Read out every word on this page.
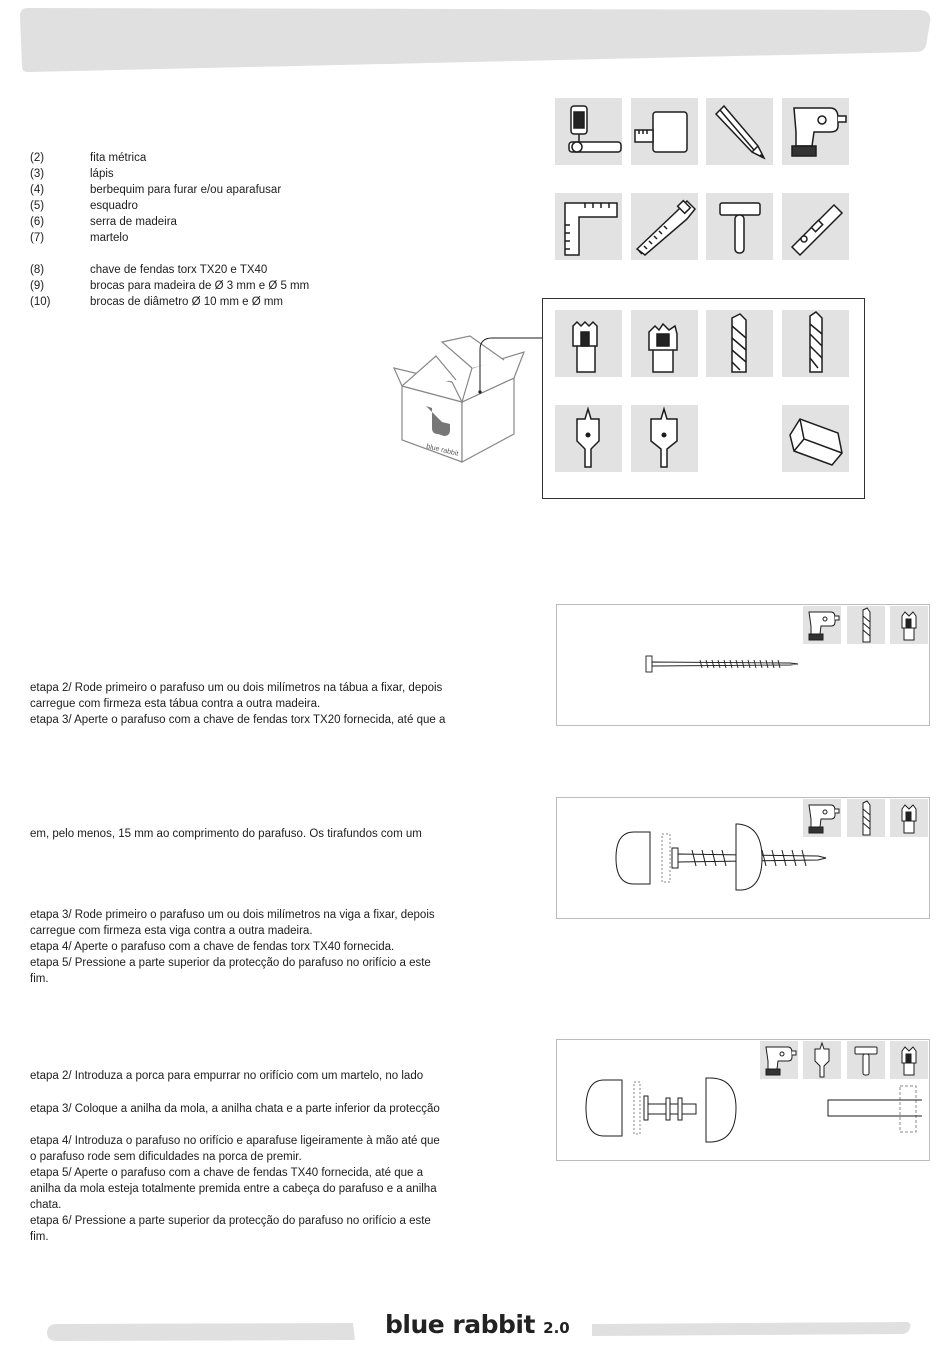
(2)	fita métrica
(3)	lápis
(4)	berbequim para furar e/ou aparafusar
(5)	esquadro
(6)	serra de madeira
(7)	martelo
(8)	chave de fendas torx TX20 e TX40
(9)	brocas para madeira de Ø 3 mm e Ø 5 mm
(10)	brocas de diâmetro Ø 10 mm e Ø mm
blue rabbit

etapa 2/ Rode primeiro o parafuso um ou dois milímetros na tábua a fixar, depois

carregue com firmeza esta tábua contra a outra madeira.

etapa 3/ Aperte o parafuso com a chave de fendas torx TX20 fornecida, até que a

em, pelo menos, 15 mm ao comprimento do parafuso. Os tirafundos com um

etapa 3/ Rode primeiro o parafuso um ou dois milímetros na viga a fixar, depois

carregue com firmeza esta viga contra a outra madeira.

etapa 4/ Aperte o parafuso com a chave de fendas torx TX40 fornecida.

etapa 5/ Pressione a parte superior da protecção do parafuso no orifício a este

fim.

etapa 2/ Introduza a porca para empurrar no orifício com um martelo, no lado

etapa 3/ Coloque a anilha da mola, a anilha chata e a parte inferior da protecção

etapa 4/ Introduza o parafuso no orifício e aparafuse ligeiramente à mão até que

o parafuso rode sem dificuldades na porca de premir.

etapa 5/ Aperte o parafuso com a chave de fendas TX40 fornecida, até que a

anilha da mola esteja totalmente premida entre a cabeça do parafuso e a anilha

chata.

etapa 6/ Pressione a parte superior da protecção do parafuso no orifício a este

fim.

blue rabbit 2.0
